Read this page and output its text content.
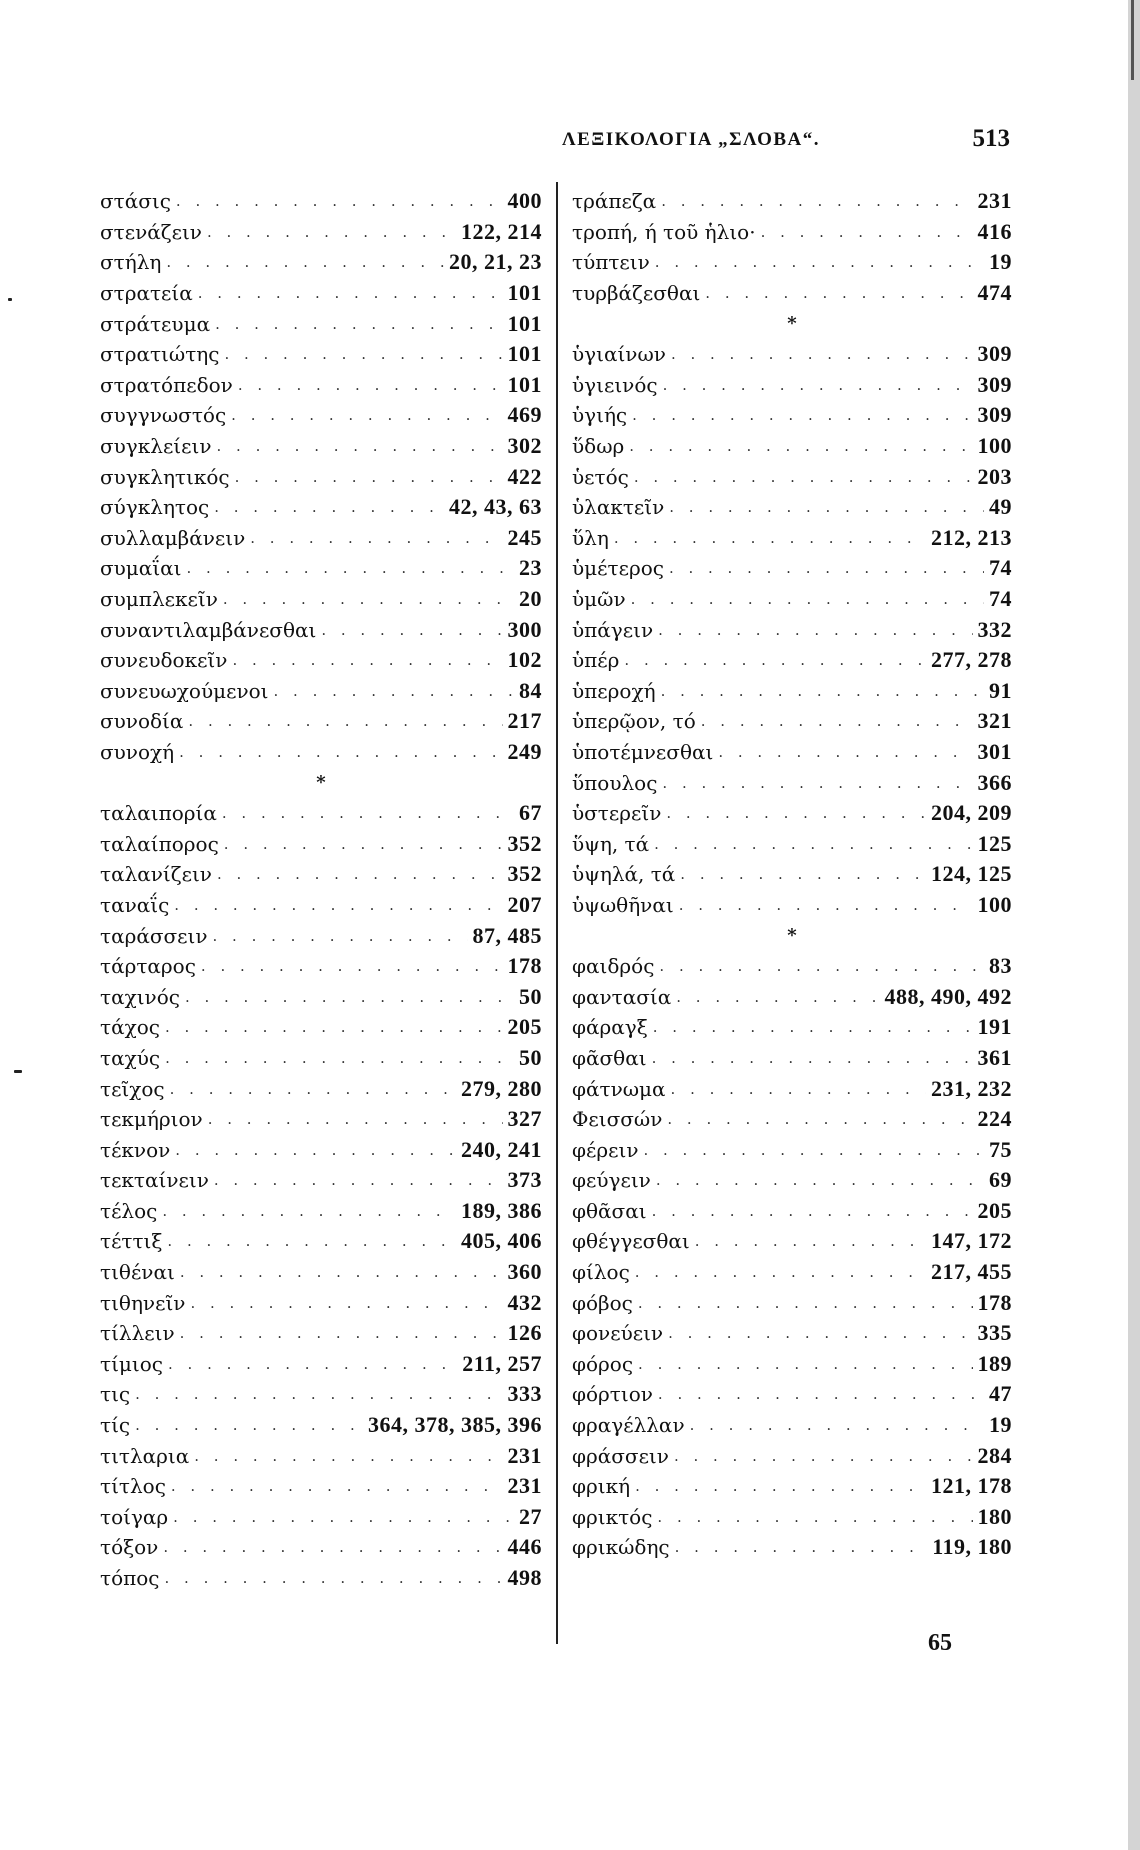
ΛΕΞΙΚΟΛΟΓΙΑ „ΣΛΟΒΑ“.	513
στάσις . . .	400
στενάζειν . . .	122, 214
στήλη . . .	20, 21, 23
στρατεία . . .	101
στράτευμα . . .	101
στρατιώτης . . .	101
στρατόπεδον . . .	101
συγγνωστός . . .	469
συγκλείειν . . .	302
συγκλητικός . . .	422
σύγκλητος . . .	42, 43, 63
συλλαμβάνειν . . .	245
συμαΐαι . . .	23
συμπλεκεῖν . . .	20
συναντιλαμβάνεσθαι . . .	300
συνευδοκεῖν . . .	102
συνευωχούμενοι . . .	84
συνοδία . . .	217
συνοχή . . .	249
*
ταλαιπορία . . .	67
ταλαίπορος . . .	352
ταλανίζειν . . .	352
ταναΐς . . .	207
ταράσσειν . . .	87, 485
τάρταρος . . .	178
ταχινός . . .	50
τάχος . . .	205
ταχύς . . .	50
τεῖχος . . .	279, 280
τεκμήριον . . .	327
τέκνον . . .	240, 241
τεκταίνειν . . .	373
τέλος . . .	189, 386
τέττιξ . . .	405, 406
τιθέναι . . .	360
τιθηνεῖν . . .	432
τίλλειν . . .	126
τίμιος . . .	211, 257
τις . . .	333
τίς . . .	364, 378, 385, 396
τιτλαρια . . .	231
τίτλος . . .	231
τοίγαρ . . .	27
τόξον . . .	446
τόπος . . .	498
τράπεζα . . .	231
τροπή, ή τοῦ ἡλιο· . . .	416
τύπτειν . . .	19
τυρβάζεσθαι . . .	474
*
ὑγιαίνων . . .	309
ὑγιεινός . . .	309
ὑγιής . . .	309
ὕδωρ . . .	100
ὑετός . . .	203
ὑλακτεῖν . . .	49
ὕλη . . .	212, 213
ὑμέτερος . . .	74
ὑμῶν . . .	74
ὑπάγειν . . .	332
ὑπέρ . . .	277, 278
ὑπεροχή . . .	91
ὑπερῷον, τό . . .	321
ὑποτέμνεσθαι . . .	301
ὕπουλος . . .	366
ὑστερεῖν . . .	204, 209
ὕψη, τά . . .	125
ὑψηλά, τά . . .	124, 125
ὑψωθῆναι . . .	100
*
φαιδρός . . .	83
φαντασία . . .	488, 490, 492
φάραγξ . . .	191
φᾶσθαι . . .	361
φάτνωμα . . .	231, 232
Φεισσών . . .	224
φέρειν . . .	75
φεύγειν . . .	69
φθᾶσαι . . .	205
φθέγγεσθαι . . .	147, 172
φίλος . . .	217, 455
φόβος . . .	178
φονεύειν . . .	335
φόρος . . .	189
φόρτιον . . .	47
φραγέλλαν . . .	19
φράσσειν . . .	284
φρική . . .	121, 178
φρικτός . . .	180
φρικώδης . . .	119, 180
65
